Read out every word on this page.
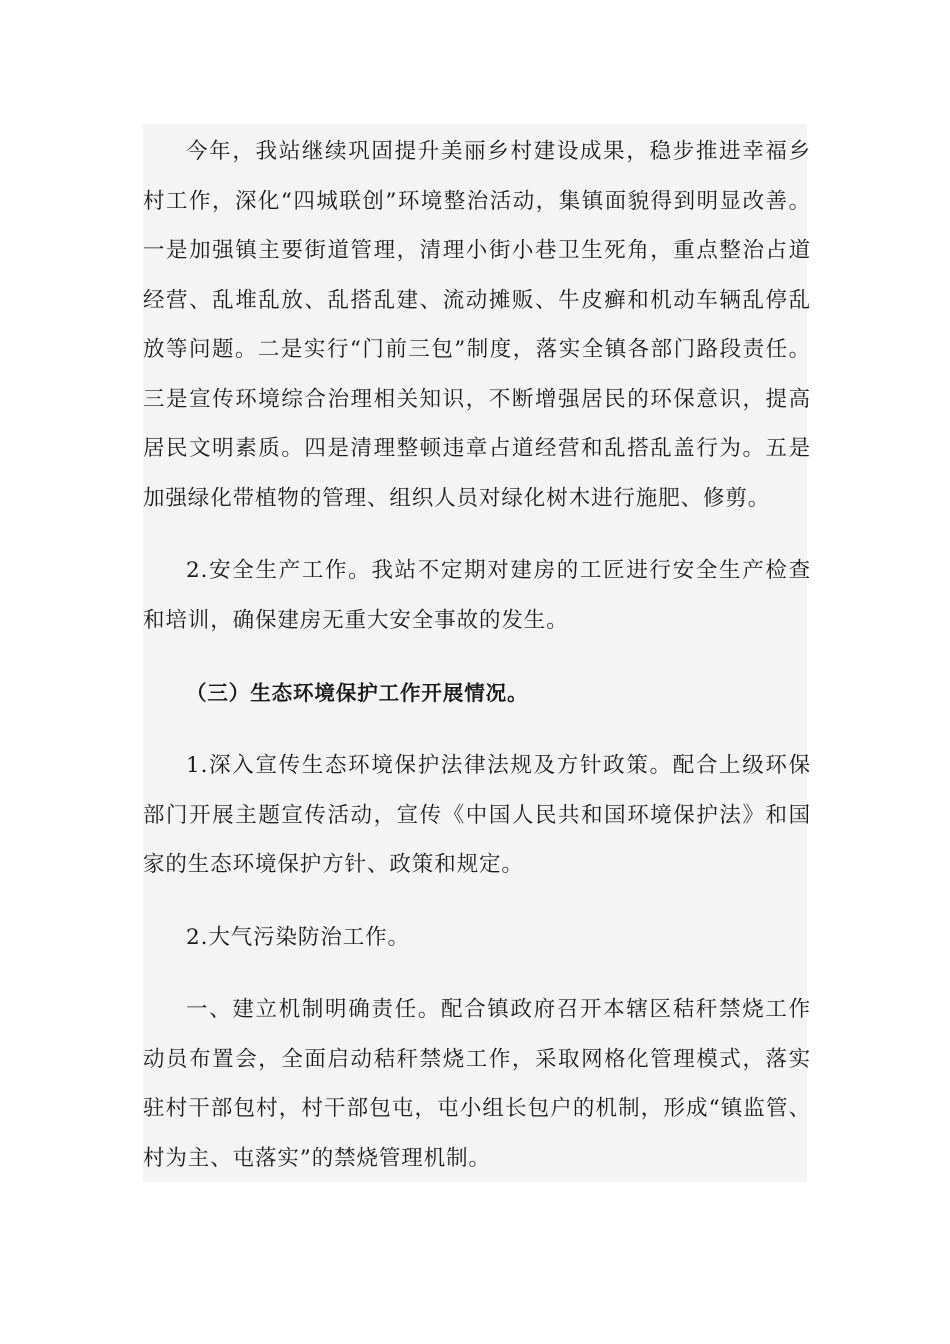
今年，我站继续巩固提升美丽乡村建设成果，稳步推进幸福乡村工作，深化“四城联创”环境整治活动，集镇面貌得到明显改善。一是加强镇主要街道管理，清理小街小巷卫生死角，重点整治占道经营、乱堆乱放、乱搭乱建、流动摊贩、牛皮癣和机动车辆乱停乱放等问题。二是实行“门前三包”制度，落实全镇各部门路段责任。三是宣传环境综合治理相关知识，不断增强居民的环保意识，提高居民文明素质。四是清理整顿违章占道经营和乱搭乱盖行为。五是加强绿化带植物的管理、组织人员对绿化树木进行施肥、修剪。

2.安全生产工作。我站不定期对建房的工匠进行安全生产检查和培训，确保建房无重大安全事故的发生。

（三）生态环境保护工作开展情况。

1.深入宣传生态环境保护法律法规及方针政策。配合上级环保部门开展主题宣传活动，宣传《中国人民共和国环境保护法》和国家的生态环境保护方针、政策和规定。

2.大气污染防治工作。

一、建立机制明确责任。配合镇政府召开本辖区秸秆禁烧工作动员布置会，全面启动秸秆禁烧工作，采取网格化管理模式，落实驻村干部包村，村干部包屯，屯小组长包户的机制，形成“镇监管、村为主、屯落实”的禁烧管理机制。
